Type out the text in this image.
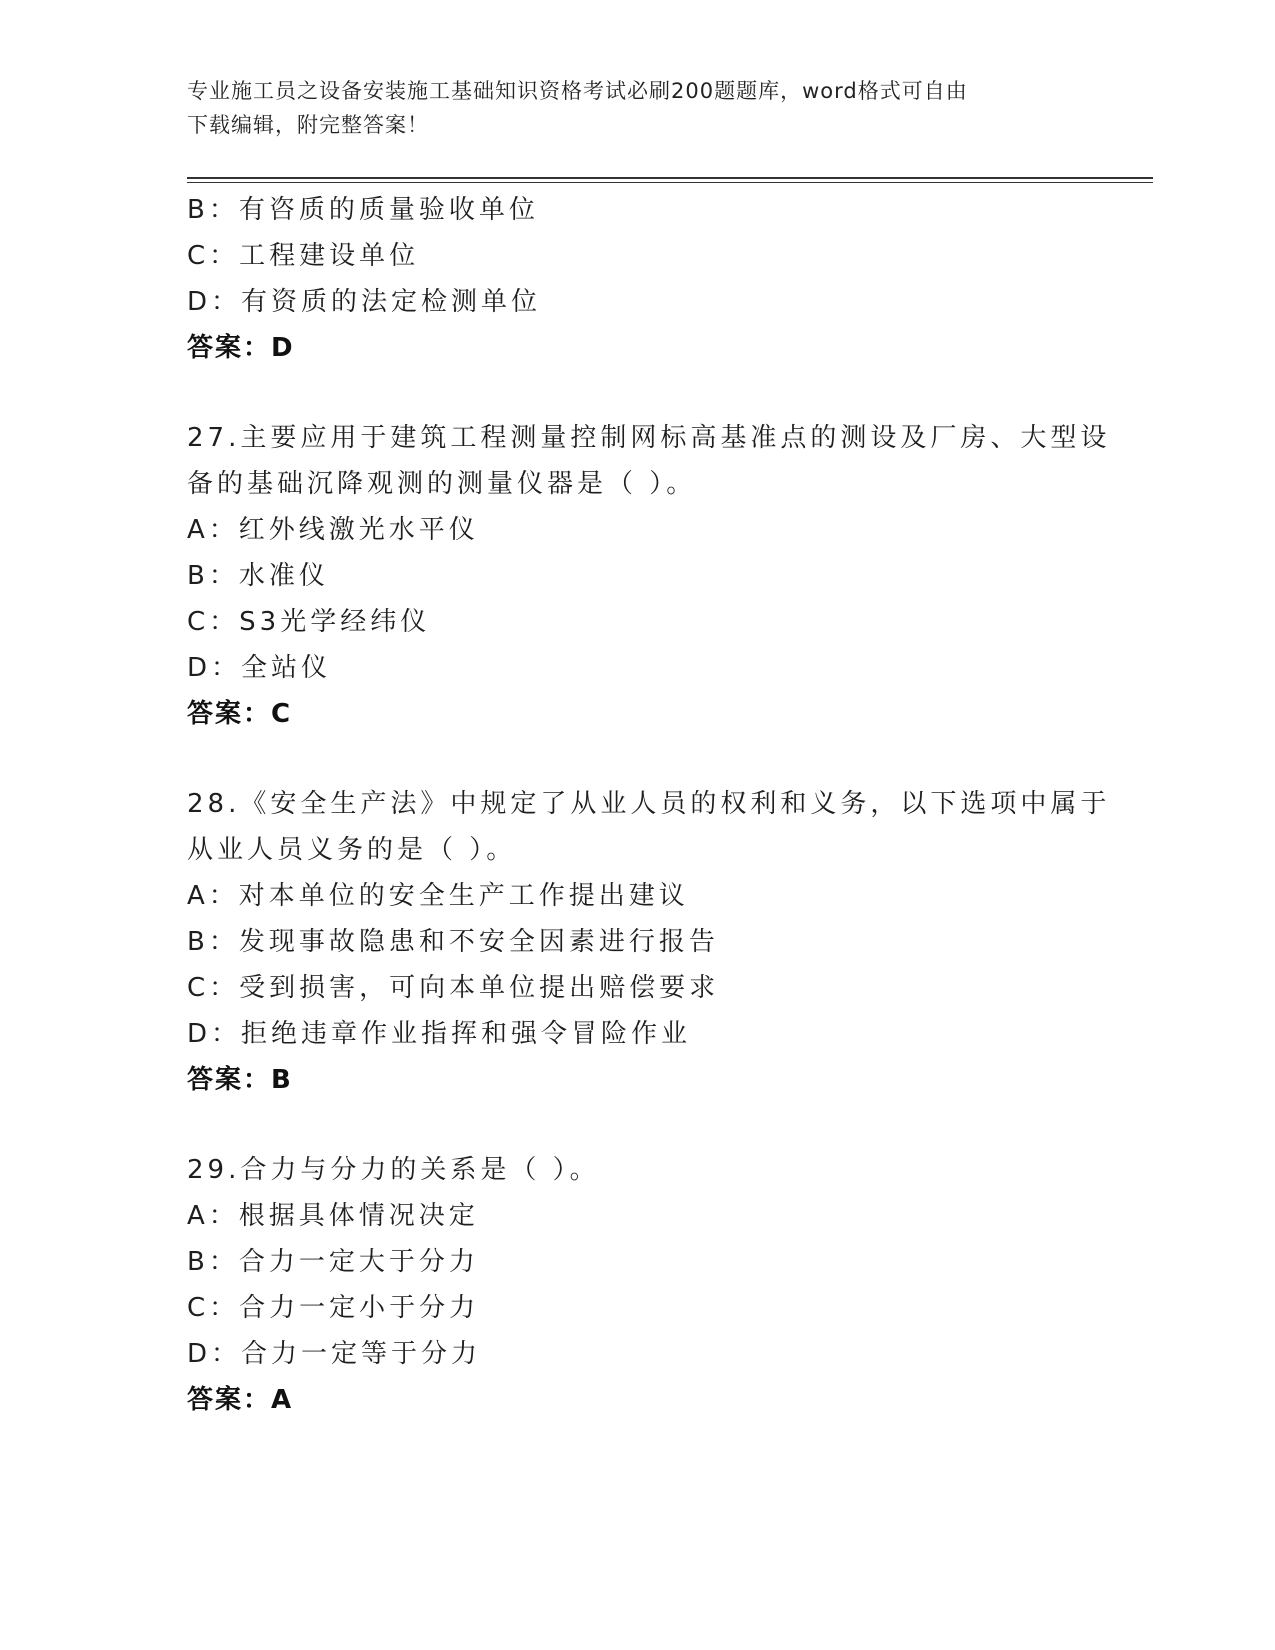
专业施工员之设备安装施工基础知识资格考试必刷200题题库，word格式可自由
下载编辑，附完整答案！
B：有咨质的质量验收单位
C：工程建设单位
D：有资质的法定检测单位
答案：D
27.主要应用于建筑工程测量控制网标高基准点的测设及厂房、大型设
备的基础沉降观测的测量仪器是（ ）。
A：红外线激光水平仪
B：水准仪
C：S3光学经纬仪
D：全站仪
答案：C
28.《安全生产法》中规定了从业人员的权利和义务，以下选项中属于
从业人员义务的是（ ）。
A：对本单位的安全生产工作提出建议
B：发现事故隐患和不安全因素进行报告
C：受到损害，可向本单位提出赔偿要求
D：拒绝违章作业指挥和强令冒险作业
答案：B
29.合力与分力的关系是（ ）。
A：根据具体情况决定
B：合力一定大于分力
C：合力一定小于分力
D：合力一定等于分力
答案：A
